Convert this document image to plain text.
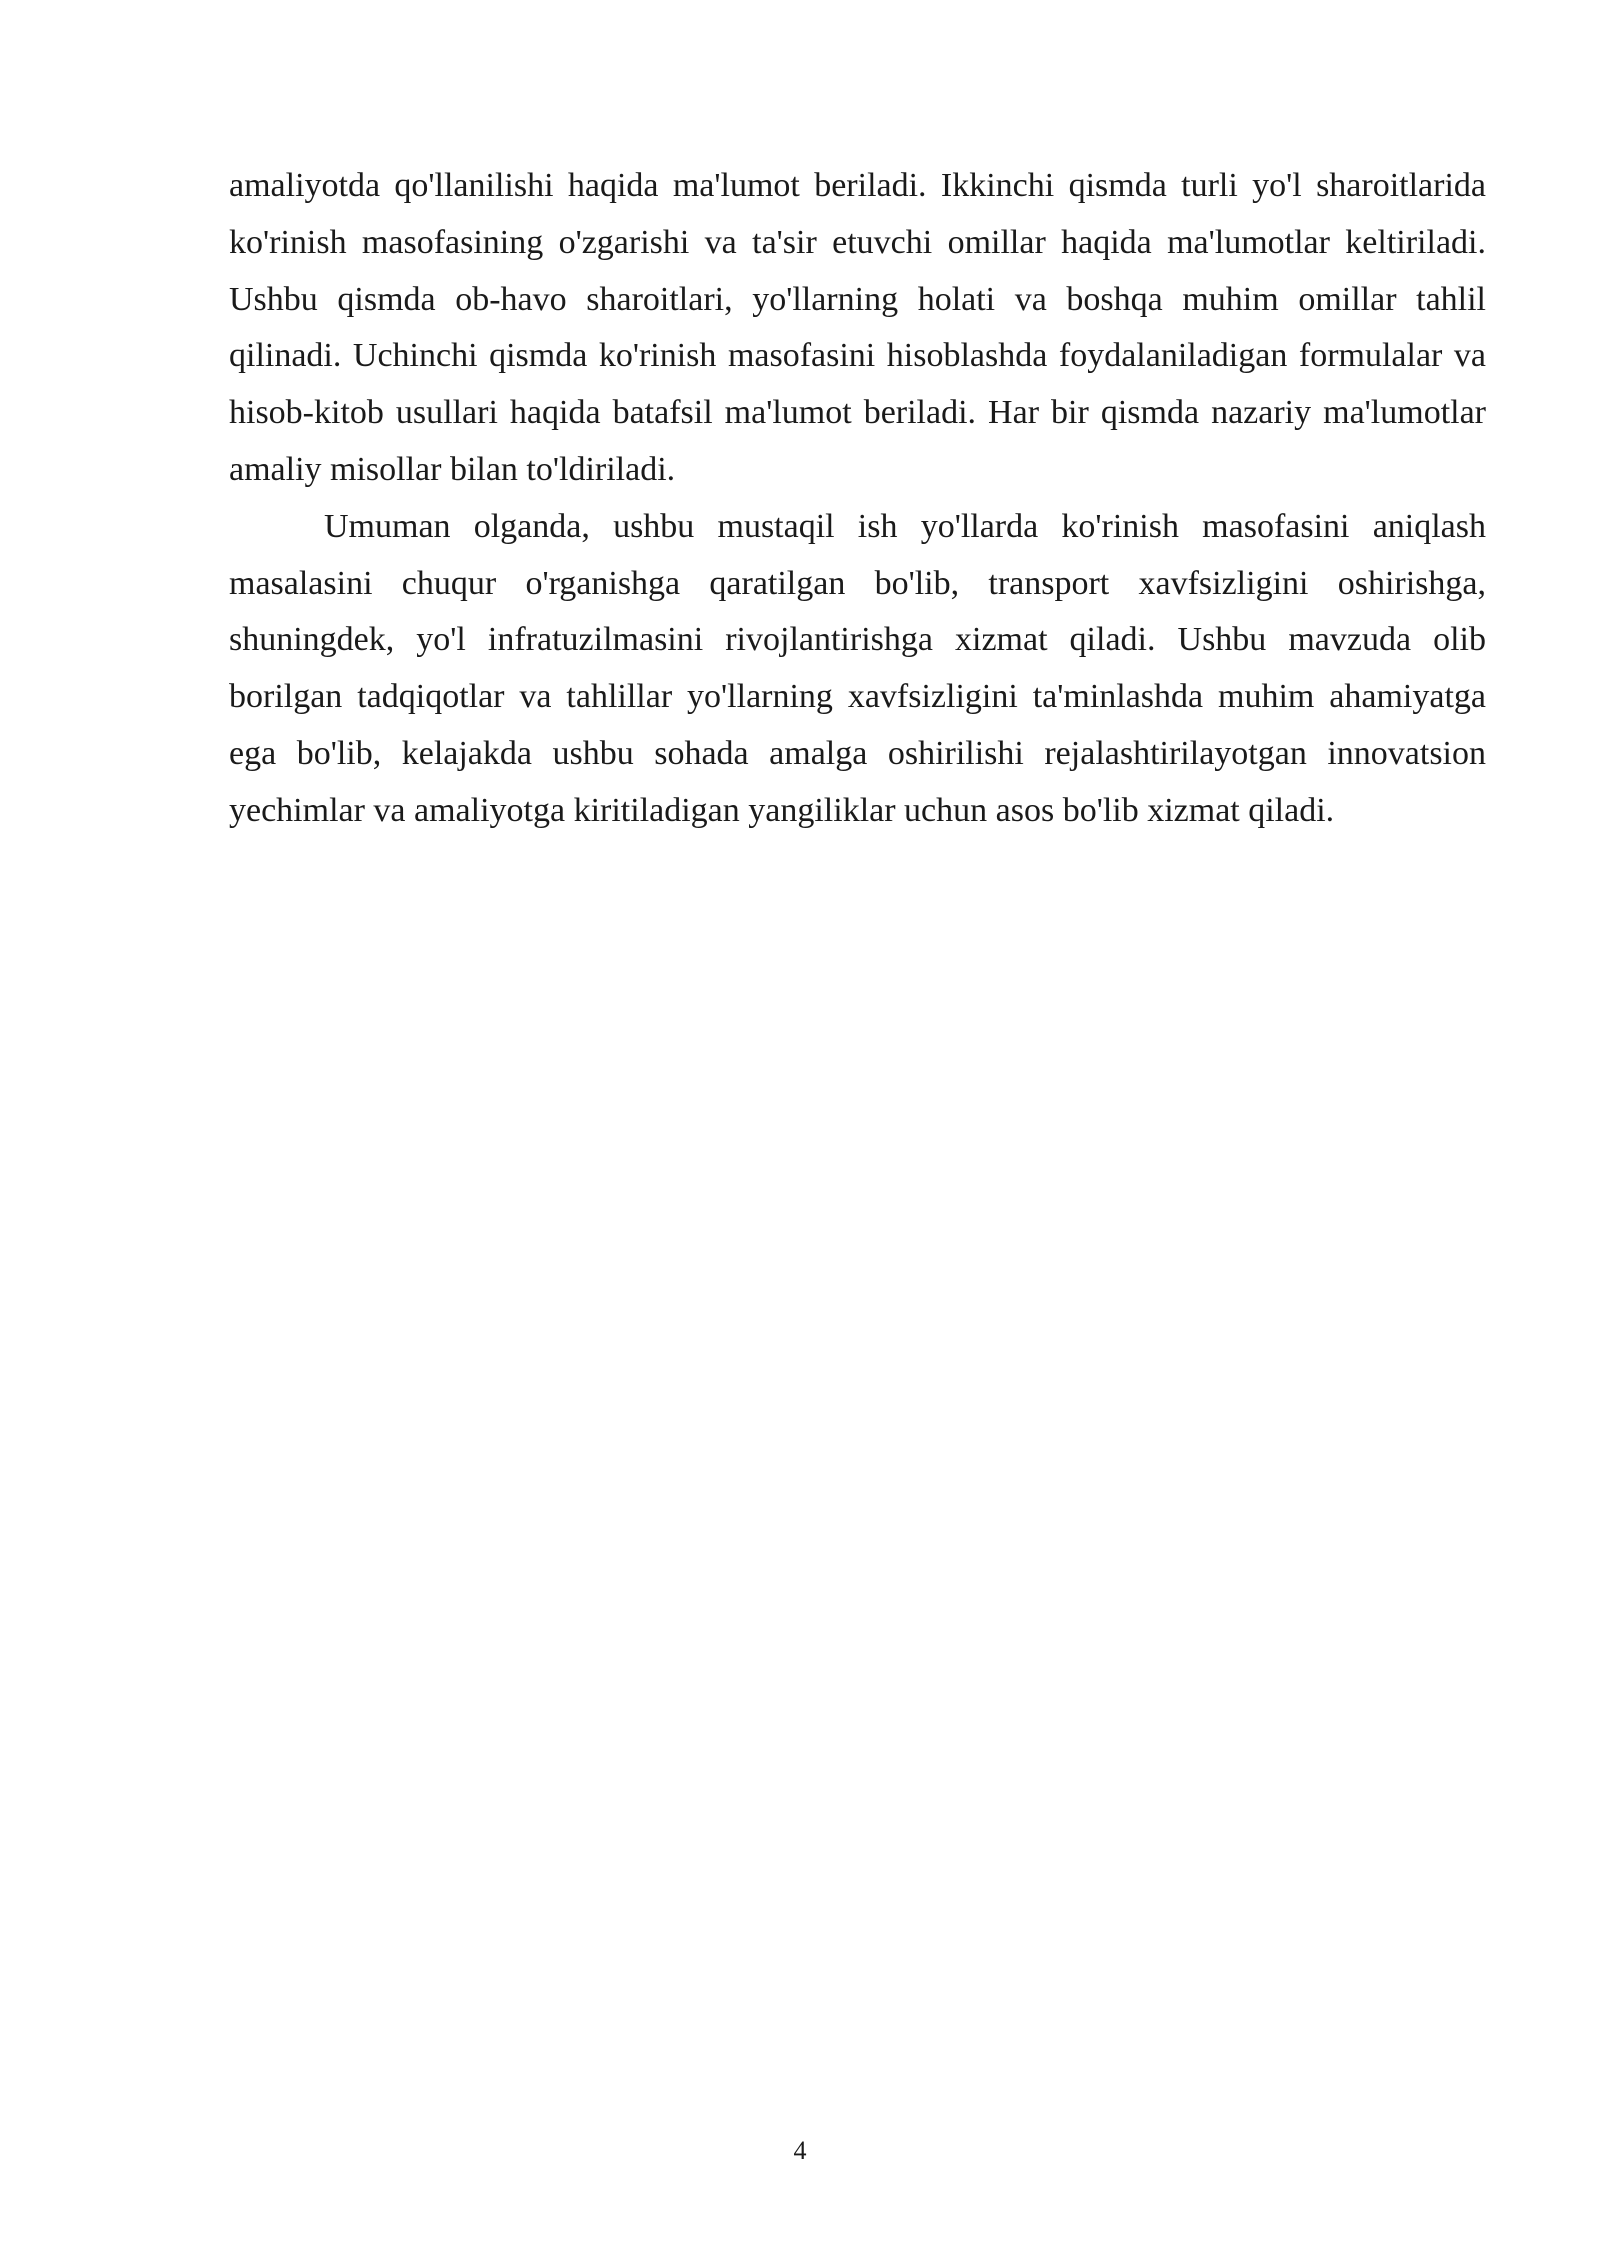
amaliyotda qo'llanilishi haqida ma'lumot beriladi. Ikkinchi qismda turli yo'l sharoitlarida ko'rinish masofasining o'zgarishi va ta'sir etuvchi omillar haqida ma'lumotlar keltiriladi. Ushbu qismda ob-havo sharoitlari, yo'llarning holati va boshqa muhim omillar tahlil qilinadi. Uchinchi qismda ko'rinish masofasini hisoblashda foydalaniladigan formulalar va hisob-kitob usullari haqida batafsil ma'lumot beriladi. Har bir qismda nazariy ma'lumotlar amaliy misollar bilan to'ldiriladi.

Umuman olganda, ushbu mustaqil ish yo'llarda ko'rinish masofasini aniqlash masalasini chuqur o'rganishga qaratilgan bo'lib, transport xavfsizligini oshirishga, shuningdek, yo'l infratuzilmasini rivojlantirishga xizmat qiladi. Ushbu mavzuda olib borilgan tadqiqotlar va tahlillar yo'llarning xavfsizligini ta'minlashda muhim ahamiyatga ega bo'lib, kelajakda ushbu sohada amalga oshirilishi rejalashtirilayotgan innovatsion yechimlar va amaliyotga kiritiladigan yangiliklar uchun asos bo'lib xizmat qiladi.

4
